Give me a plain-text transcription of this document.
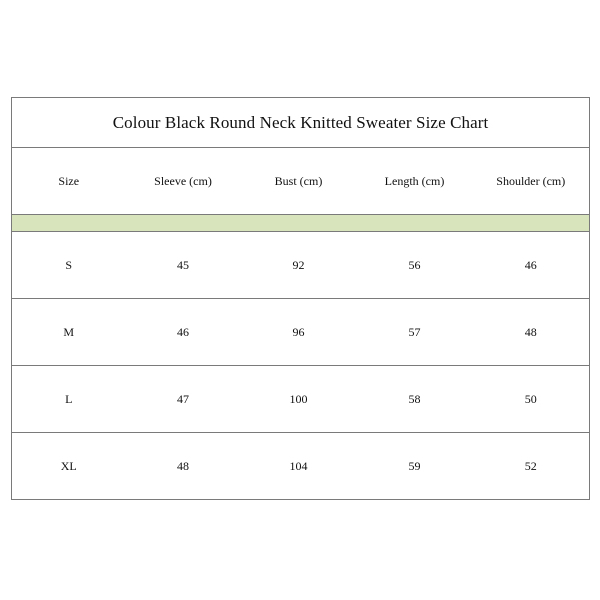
Colour Black Round Neck Knitted Sweater Size Chart				
Size	Sleeve (cm)	Bust (cm)	Length (cm)	Shoulder (cm)

S	45	92	56	46
M	46	96	57	48
L	47	100	58	50
XL	48	104	59	52
